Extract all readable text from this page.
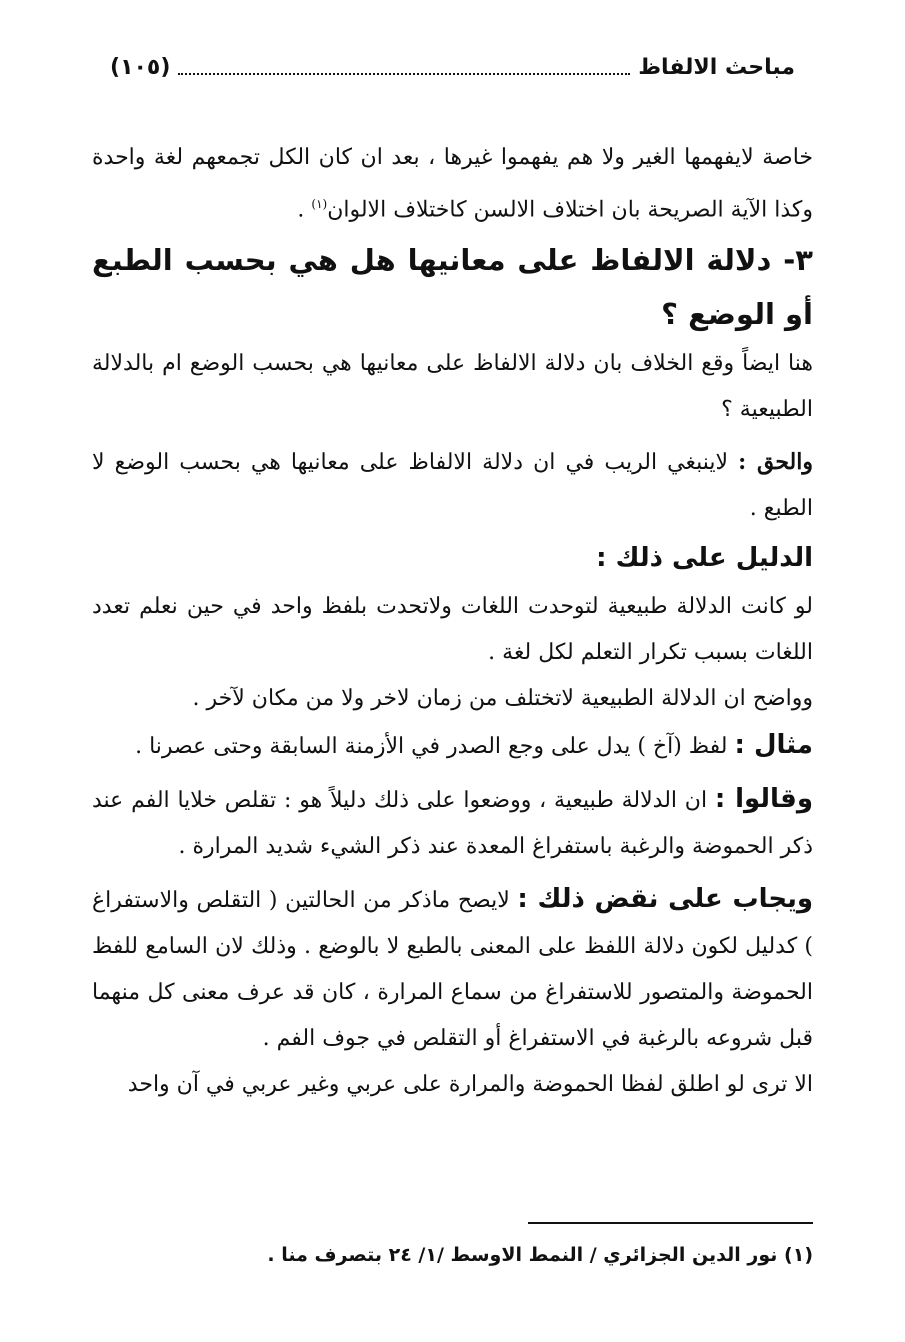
مباحث الالفاظ
(١٠٥)

خاصة لايفهمها الغير ولا هم يفهموا غيرها ، بعد ان كان الكل تجمعهم لغة واحدة وكذا الآية الصريحة بان اختلاف الالسن كاختلاف الالوان$^{(١)}$ .

٣- دلالة الالفاظ على معانيها هل هي بحسب الطبع أو الوضع ؟

هنا ايضاً وقع الخلاف بان دلالة الالفاظ على معانيها هي بحسب الوضع ام بالدلالة الطبيعية ؟

والحق : لاينبغي الريب في ان دلالة الالفاظ على معانيها هي بحسب الوضع لا الطبع .

الدليل على ذلك :

لو كانت الدلالة طبيعية لتوحدت اللغات ولاتحدت بلفظ واحد في حين نعلم تعدد اللغات بسبب تكرار التعلم لكل لغة .

وواضح ان الدلالة الطبيعية لاتختلف من زمان لاخر ولا من مكان لآخر .

مثال : لفظ (آخ ) يدل على وجع الصدر في الأزمنة السابقة وحتى عصرنا .

وقالوا : ان الدلالة طبيعية ، ووضعوا على ذلك دليلاً هو : تقلص خلايا الفم عند ذكر الحموضة والرغبة باستفراغ المعدة عند ذكر الشيء شديد المرارة .

ويجاب على نقض ذلك : لايصح ماذكر من الحالتين ( التقلص والاستفراغ ) كدليل لكون دلالة اللفظ على المعنى بالطبع لا بالوضع . وذلك لان السامع للفظ الحموضة والمتصور للاستفراغ من سماع المرارة ، كان قد عرف معنى كل منهما قبل شروعه بالرغبة في الاستفراغ أو التقلص في جوف الفم .

الا ترى لو اطلق لفظا الحموضة والمرارة على عربي وغير عربي في آن واحد

(١) نور الدين الجزائري / النمط الاوسط /١/ ٢٤ بتصرف منا .
